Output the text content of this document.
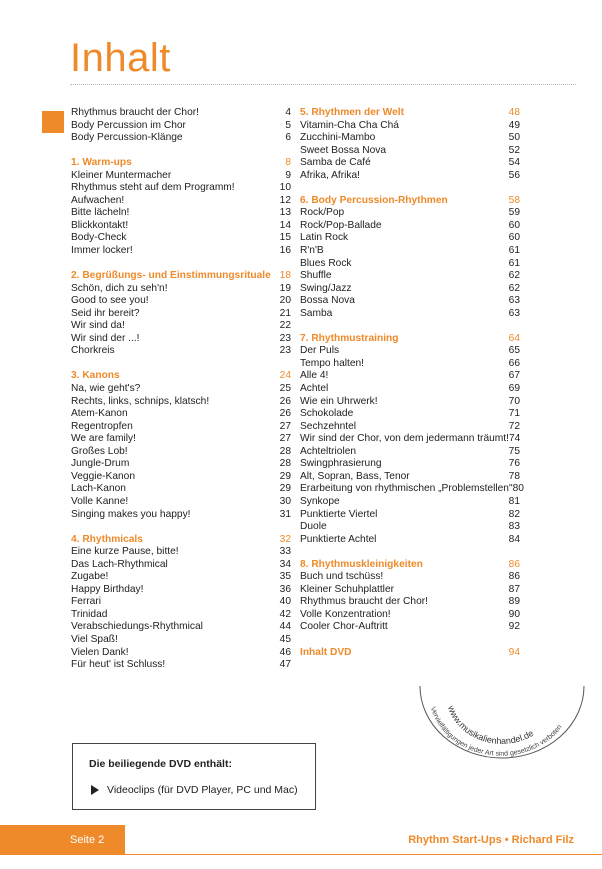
Inhalt
Rhythmus braucht der Chor!	4
Body Percussion im Chor	5
Body Percussion-Klänge	6
1. Warm-ups	8
Kleiner Muntermacher	9
Rhythmus steht auf dem Programm!	10
Aufwachen!	12
Bitte lächeln!	13
Blickkontakt!	14
Body-Check	15
Immer locker!	16
2. Begrüßungs- und Einstimmungsrituale 18
Schön, dich zu seh'n!	19
Good to see you!	20
Seid ihr bereit?	21
Wir sind da!	22
Wir sind der ...!	23
Chorkreis	23
3. Kanons	24
Na, wie geht's?	25
Rechts, links, schnips, klatsch!	26
Atem-Kanon	26
Regentropfen	27
We are family!	27
Großes Lob!	28
Jungle-Drum	28
Veggie-Kanon	29
Lach-Kanon	29
Volle Kanne!	30
Singing makes you happy!	31
4. Rhythmicals	32
Eine kurze Pause, bitte!	33
Das Lach-Rhythmical	34
Zugabe!	35
Happy Birthday!	36
Ferrari	40
Trinidad	42
Verabschiedungs-Rhythmical	44
Viel Spaß!	45
Vielen Dank!	46
Für heut' ist Schluss!	47
5. Rhythmen der Welt	48
Vitamin-Cha Cha Chá	49
Zucchini-Mambo	50
Sweet Bossa Nova	52
Samba de Café	54
Afrika, Afrika!	56
6. Body Percussion-Rhythmen	58
Rock/Pop	59
Rock/Pop-Ballade	60
Latin Rock	60
R'n'B	61
Blues Rock	61
Shuffle	62
Swing/Jazz	62
Bossa Nova	63
Samba	63
7. Rhythmustraining	64
Der Puls	65
Tempo halten!	66
Alle 4!	67
Achtel	69
Wie ein Uhrwerk!	70
Schokolade	71
Sechzehntel	72
Wir sind der Chor, von dem jedermann träumt! 74
Achteltriolen	75
Swingphrasierung	76
Alt, Sopran, Bass, Tenor	78
Erarbeitung von rhythmischen „Problemstellen" 80
Synkope	81
Punktierte Viertel	82
Duole	83
Punktierte Achtel	84
8. Rhythmuskleinigkeiten	86
Buch und tschüss!	86
Kleiner Schuhplattler	87
Rhythmus braucht der Chor!	89
Volle Konzentration!	90
Cooler Chor-Auftritt	92
Inhalt DVD	94
Die beiliegende DVD enthält:
Videoclips (für DVD Player, PC und Mac)
www.musikalienhandel.de
Vervielfältigungen jeder Art sind gesetzlich verboten
Seite 2	Rhythm Start-Ups • Richard Filz
